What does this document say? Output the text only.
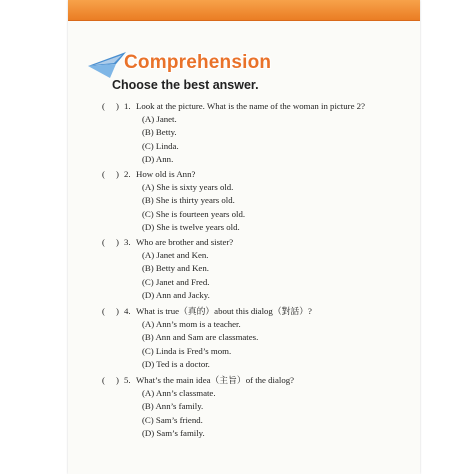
Comprehension
Choose the best answer.
(	) 1. Look at the picture. What is the name of the woman in picture 2?
(A) Janet.
(B) Betty.
(C) Linda.
(D) Ann.
(	) 2. How old is Ann?
(A) She is sixty years old.
(B) She is thirty years old.
(C) She is fourteen years old.
(D) She is twelve years old.
(	) 3. Who are brother and sister?
(A) Janet and Ken.
(B) Betty and Ken.
(C) Janet and Fred.
(D) Ann and Jacky.
(	) 4. What is true（真的）about this dialog（對話）?
(A) Ann’s mom is a teacher.
(B) Ann and Sam are classmates.
(C) Linda is Fred’s mom.
(D) Ted is a doctor.
(	) 5. What’s the main idea（主旨）of the dialog?
(A) Ann’s classmate.
(B) Ann’s family.
(C) Sam’s friend.
(D) Sam’s family.
